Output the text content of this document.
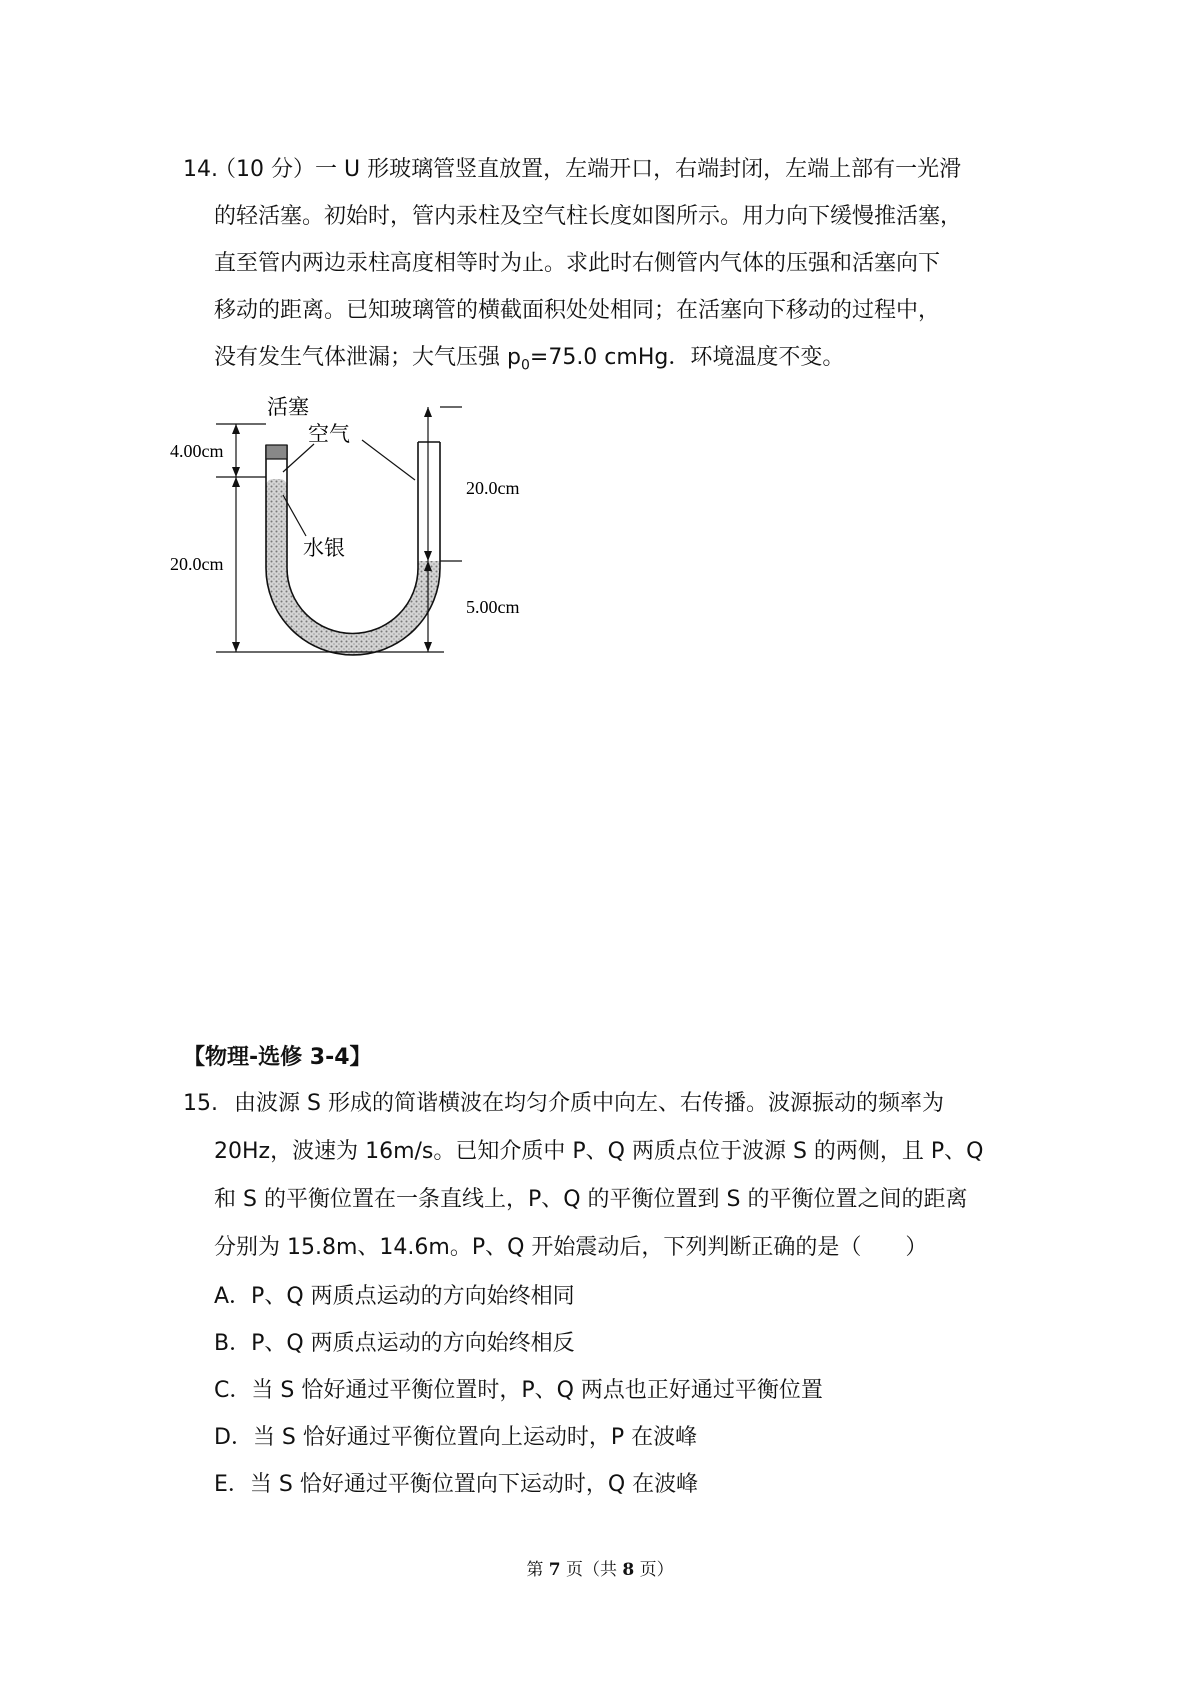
14.
（10 分）一 U 形玻璃管竖直放置，左端开口，右端封闭，左端上部有一光滑
的轻活塞。初始时，管内汞柱及空气柱长度如图所示。用力向下缓慢推活塞，
直至管内两边汞柱高度相等时为止。求此时右侧管内气体的压强和活塞向下
移动的距离。已知玻璃管的横截面积处处相同；在活塞向下移动的过程中，
没有发生气体泄漏；大气压强 $p_0=75.0$ cmHg．环境温度不变。
活塞
空气
水银
4.00cm
20.0cm
20.0cm
5.00cm
【物理-选修 3-4】
15. 由波源 S 形成的简谐横波在均匀介质中向左、右传播。波源振动的频率为
20Hz，波速为 16m/s。已知介质中 P、Q 两质点位于波源 S 的两侧，且 P、Q
和 S 的平衡位置在一条直线上，P、Q 的平衡位置到 S 的平衡位置之间的距离
分别为 15.8m、14.6m。P、Q 开始震动后，下列判断正确的是（　　）
A．P、Q 两质点运动的方向始终相同
B．P、Q 两质点运动的方向始终相反
C．当 S 恰好通过平衡位置时，P、Q 两点也正好通过平衡位置
D．当 S 恰好通过平衡位置向上运动时，P 在波峰
E．当 S 恰好通过平衡位置向下运动时，Q 在波峰
第 7 页（共 8 页）
